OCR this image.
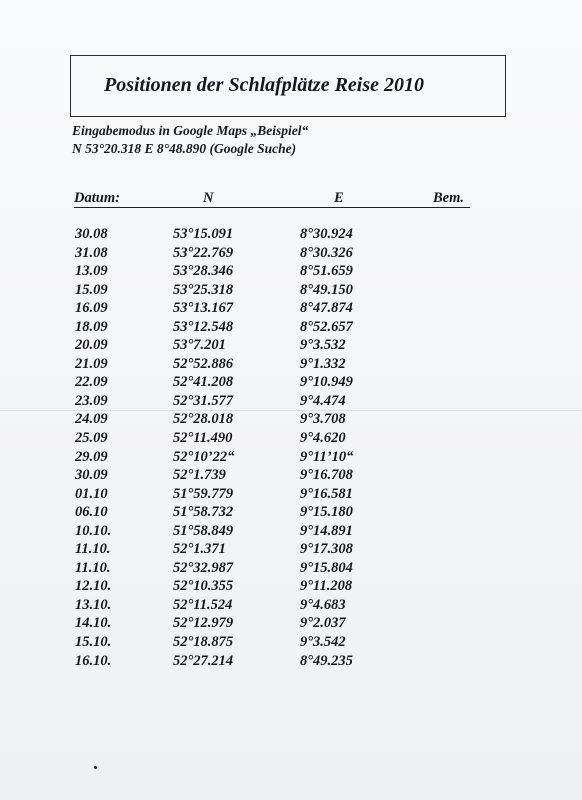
Positionen der Schlafplätze Reise 2010
Eingabemodus in Google Maps „Beispiel“
N 53°20.318 E 8°48.890 (Google Suche)
Datum:	N	E	Bem.
30.08	53°15.091	8°30.924
31.08	53°22.769	8°30.326
13.09	53°28.346	8°51.659
15.09	53°25.318	8°49.150
16.09	53°13.167	8°47.874
18.09	53°12.548	8°52.657
20.09	53°7.201	9°3.532
21.09	52°52.886	9°1.332
22.09	52°41.208	9°10.949
23.09	52°31.577	9°4.474
24.09	52°28.018	9°3.708
25.09	52°11.490	9°4.620
29.09	52°10’22“	9°11’10“
30.09	52°1.739	9°16.708
01.10	51°59.779	9°16.581
06.10	51°58.732	9°15.180
10.10.	51°58.849	9°14.891
11.10.	52°1.371	9°17.308
11.10.	52°32.987	9°15.804
12.10.	52°10.355	9°11.208
13.10.	52°11.524	9°4.683
14.10.	52°12.979	9°2.037
15.10.	52°18.875	9°3.542
16.10.	52°27.214	8°49.235
